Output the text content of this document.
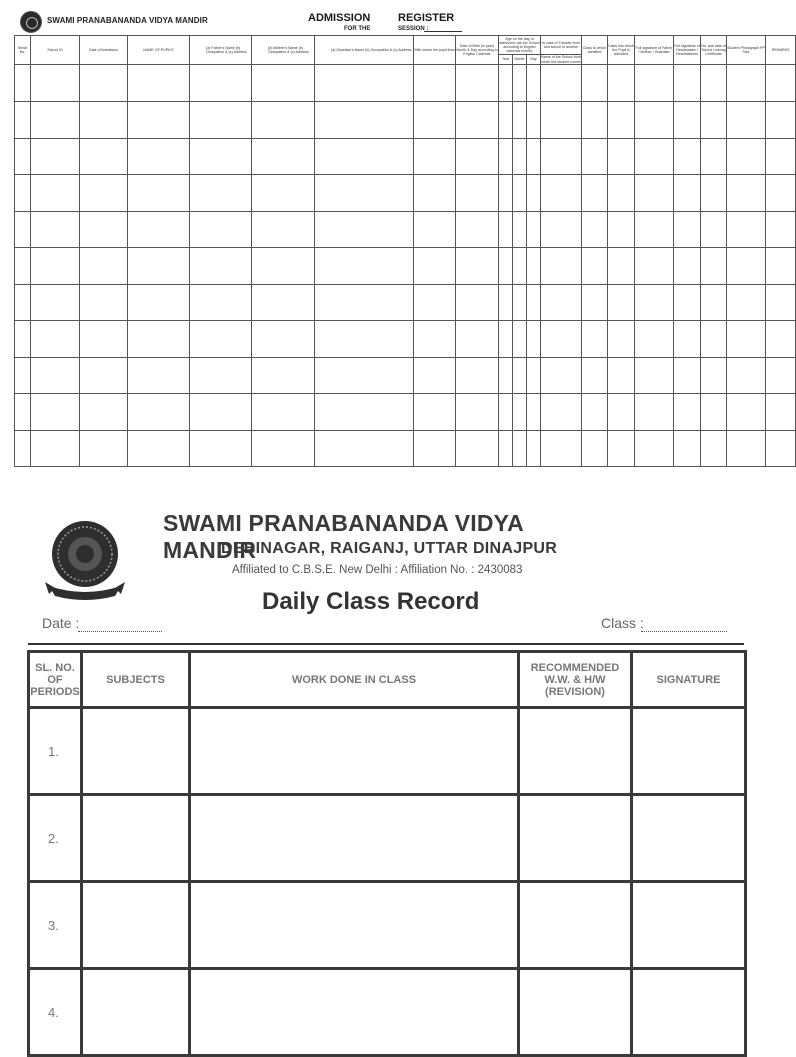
SWAMI PRANABANANDA VIDYA MANDIR	ADMISSION	REGISTER
FOR THE	SESSION :
Serial No.	School ID	Date of Admission	NAME OF PUPILS	(a) Father's Name (b) Occupation & (c) Address	(a) Mother's Name (b) Occupation & (c) Address	(a) Guardian's Name (b) Occupation & (c) Address	With whom the pupil lives	Date of Birth (in year) Month & Day according to English Calendar	Age on the day of admission (as the School according to English calendar month)			In case of Transfer from and school to another	Class to which admitted	Class into which the Pupil is admitted	Full signature of Father / Mother / Guardian	Full signature of Headmaster / Headmistress	No. and date of School Leaving Certificate	Student Photograph PP Size	REMARKS
									Year	Month	Day	Name of the School from which the student comes							

SWAMI PRANABANANDA VIDYA MANDIR
DEBINAGAR, RAIGANJ, UTTAR DINAJPUR
Affiliated to C.B.S.E. New Delhi : Affiliation No. : 2430083
Daily Class Record
Date :	Class :
SL. NO. OF PERIODS	SUBJECTS	WORK DONE IN CLASS	RECOMMENDED W.W. & H/W (REVISION)	SIGNATURE
1.				
2.				
3.				
4.				
